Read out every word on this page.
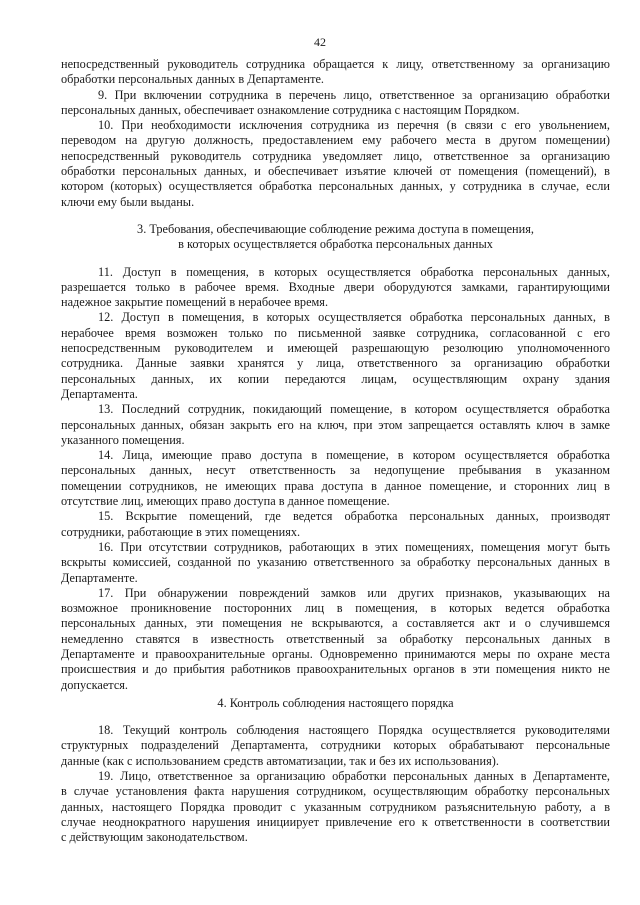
42
непосредственный руководитель сотрудника обращается к лицу, ответственному за организацию
обработки персональных данных в Департаменте.
9. При включении сотрудника в перечень лицо, ответственное за организацию обработки
персональных данных, обеспечивает ознакомление сотрудника с настоящим Порядком.
10. При необходимости исключения сотрудника из перечня (в связи с его увольнением,
переводом на другую должность, предоставлением ему рабочего места в другом помещении)
непосредственный руководитель сотрудника уведомляет лицо, ответственное за организацию
обработки персональных данных, и обеспечивает изъятие ключей от помещения (помещений), в
котором (которых) осуществляется обработка персональных данных, у сотрудника в случае, если
ключи ему были выданы.
3. Требования, обеспечивающие соблюдение режима доступа в помещения,
в которых осуществляется обработка персональных данных
11. Доступ в помещения, в которых осуществляется обработка персональных данных,
разрешается только в рабочее время. Входные двери оборудуются замками, гарантирующими
надежное закрытие помещений в нерабочее время.
12. Доступ в помещения, в которых осуществляется обработка персональных данных, в
нерабочее время возможен только по письменной заявке сотрудника, согласованной с его
непосредственным руководителем и имеющей разрешающую резолюцию уполномоченного
сотрудника. Данные заявки хранятся у лица, ответственного за организацию обработки
персональных данных, их копии передаются лицам, осуществляющим охрану здания
Департамента.
13. Последний сотрудник, покидающий помещение, в котором осуществляется обработка
персональных данных, обязан закрыть его на ключ, при этом запрещается оставлять ключ в замке
указанного помещения.
14. Лица, имеющие право доступа в помещение, в котором осуществляется обработка
персональных данных, несут ответственность за недопущение пребывания в указанном
помещении сотрудников, не имеющих права доступа в данное помещение, и сторонних лиц в
отсутствие лиц, имеющих право доступа в данное помещение.
15. Вскрытие помещений, где ведется обработка персональных данных, производят
сотрудники, работающие в этих помещениях.
16. При отсутствии сотрудников, работающих в этих помещениях, помещения могут быть
вскрыты комиссией, созданной по указанию ответственного за обработку персональных данных в
Департаменте.
17. При обнаружении повреждений замков или других признаков, указывающих на
возможное проникновение посторонних лиц в помещения, в которых ведется обработка
персональных данных, эти помещения не вскрываются, а составляется акт и о случившемся
немедленно ставятся в известность ответственный за обработку персональных данных в
Департаменте и правоохранительные органы. Одновременно принимаются меры по охране места
происшествия и до прибытия работников правоохранительных органов в эти помещения никто не
допускается.
4. Контроль соблюдения настоящего порядка
18. Текущий контроль соблюдения настоящего Порядка осуществляется руководителями
структурных подразделений Департамента, сотрудники которых обрабатывают персональные
данные (как с использованием средств автоматизации, так и без их использования).
19. Лицо, ответственное за организацию обработки персональных данных в Департаменте,
в случае установления факта нарушения сотрудником, осуществляющим обработку персональных
данных, настоящего Порядка проводит с указанным сотрудником разъяснительную работу, а в
случае неоднократного нарушения инициирует привлечение его к ответственности в соответствии
с действующим законодательством.
